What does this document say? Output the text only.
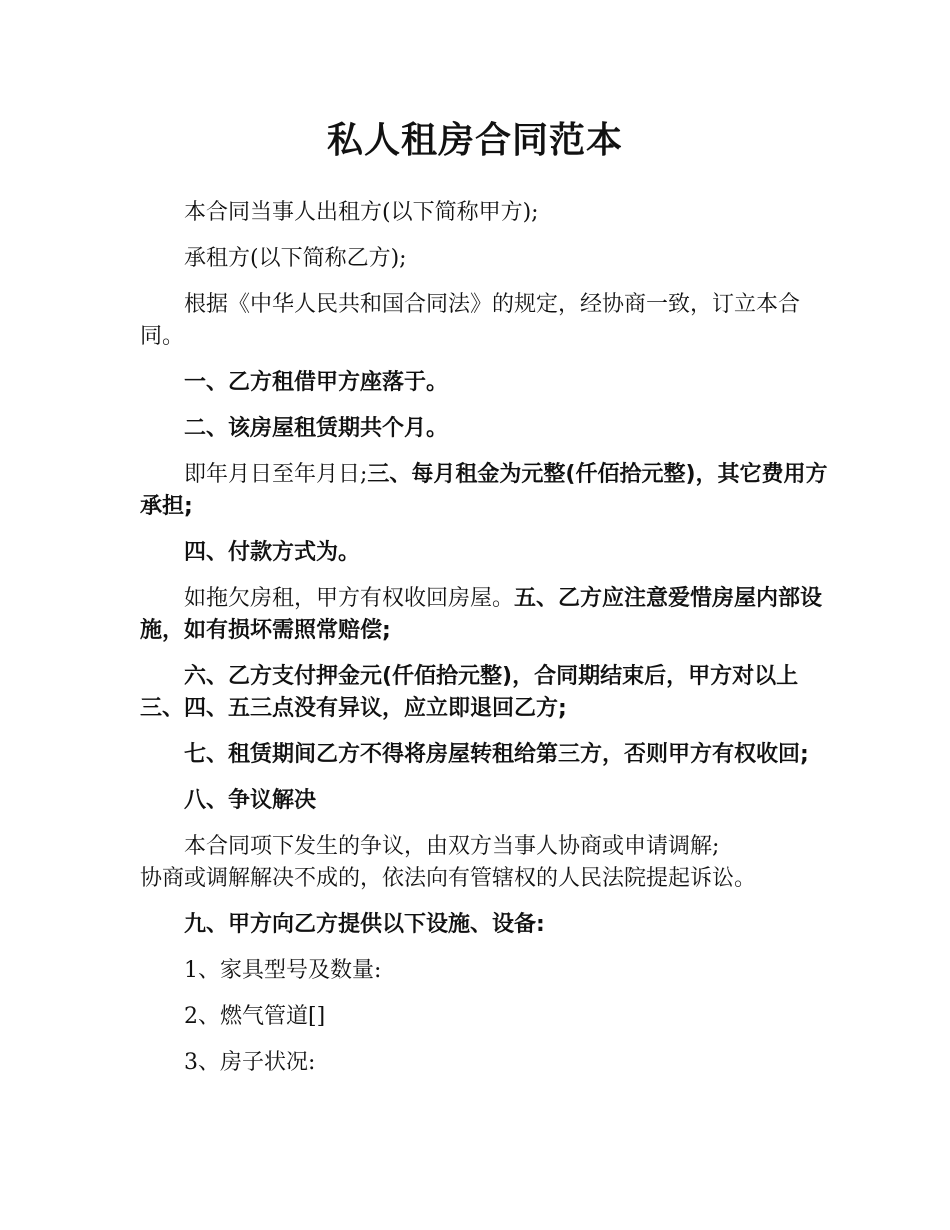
私人租房合同范本

本合同当事人出租方(以下简称甲方);

承租方(以下简称乙方);

根据《中华人民共和国合同法》的规定，经协商一致，订立本合同。

一、乙方租借甲方座落于。

二、该房屋租赁期共个月。

即年月日至年月日;三、每月租金为元整(仟佰拾元整)，其它费用方承担;

四、付款方式为。

如拖欠房租，甲方有权收回房屋。五、乙方应注意爱惜房屋内部设施，如有损坏需照常赔偿;

六、乙方支付押金元(仟佰拾元整)，合同期结束后，甲方对以上三、四、五三点没有异议，应立即退回乙方;

七、租赁期间乙方不得将房屋转租给第三方，否则甲方有权收回;

八、争议解决

本合同项下发生的争议，由双方当事人协商或申请调解;
协商或调解解决不成的，依法向有管辖权的人民法院提起诉讼。

九、甲方向乙方提供以下设施、设备:

1、家具型号及数量:

2、燃气管道[]

3、房子状况:
